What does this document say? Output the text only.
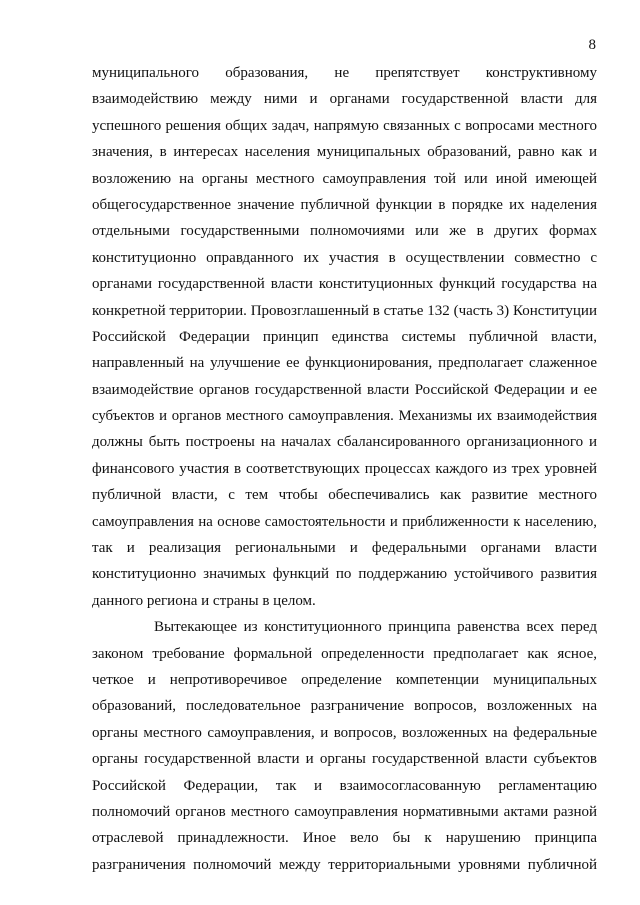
8
муниципального образования, не препятствует конструктивному
взаимодействию между ними и органами государственной власти для
успешного решения общих задач, напрямую связанных с вопросами местного
значения, в интересах населения муниципальных образований, равно как и
возложению на органы местного самоуправления той или иной имеющей
общегосударственное значение публичной функции в порядке их наделения
отдельными государственными полномочиями или же в других формах
конституционно оправданного их участия в осуществлении совместно с
органами государственной власти конституционных функций государства на
конкретной территории. Провозглашенный в статье 132 (часть 3) Конституции
Российской Федерации принцип единства системы публичной власти,
направленный на улучшение ее функционирования, предполагает слаженное
взаимодействие органов государственной власти Российской Федерации и ее
субъектов и органов местного самоуправления. Механизмы их взаимодействия
должны быть построены на началах сбалансированного организационного и
финансового участия в соответствующих процессах каждого из трех уровней
публичной власти, с тем чтобы обеспечивались как развитие местного
самоуправления на основе самостоятельности и приближенности к населению,
так и реализация региональными и федеральными органами власти
конституционно значимых функций по поддержанию устойчивого развития
данного региона и страны в целом.
Вытекающее из конституционного принципа равенства всех перед
законом требование формальной определенности предполагает как ясное,
четкое и непротиворечивое определение компетенции муниципальных
образований, последовательное разграничение вопросов, возложенных на
органы местного самоуправления, и вопросов, возложенных на федеральные
органы государственной власти и органы государственной власти субъектов
Российской Федерации, так и взаимосогласованную регламентацию
полномочий органов местного самоуправления нормативными актами разной
отраслевой принадлежности. Иное вело бы к нарушению принципа
разграничения полномочий между территориальными уровнями публичной
